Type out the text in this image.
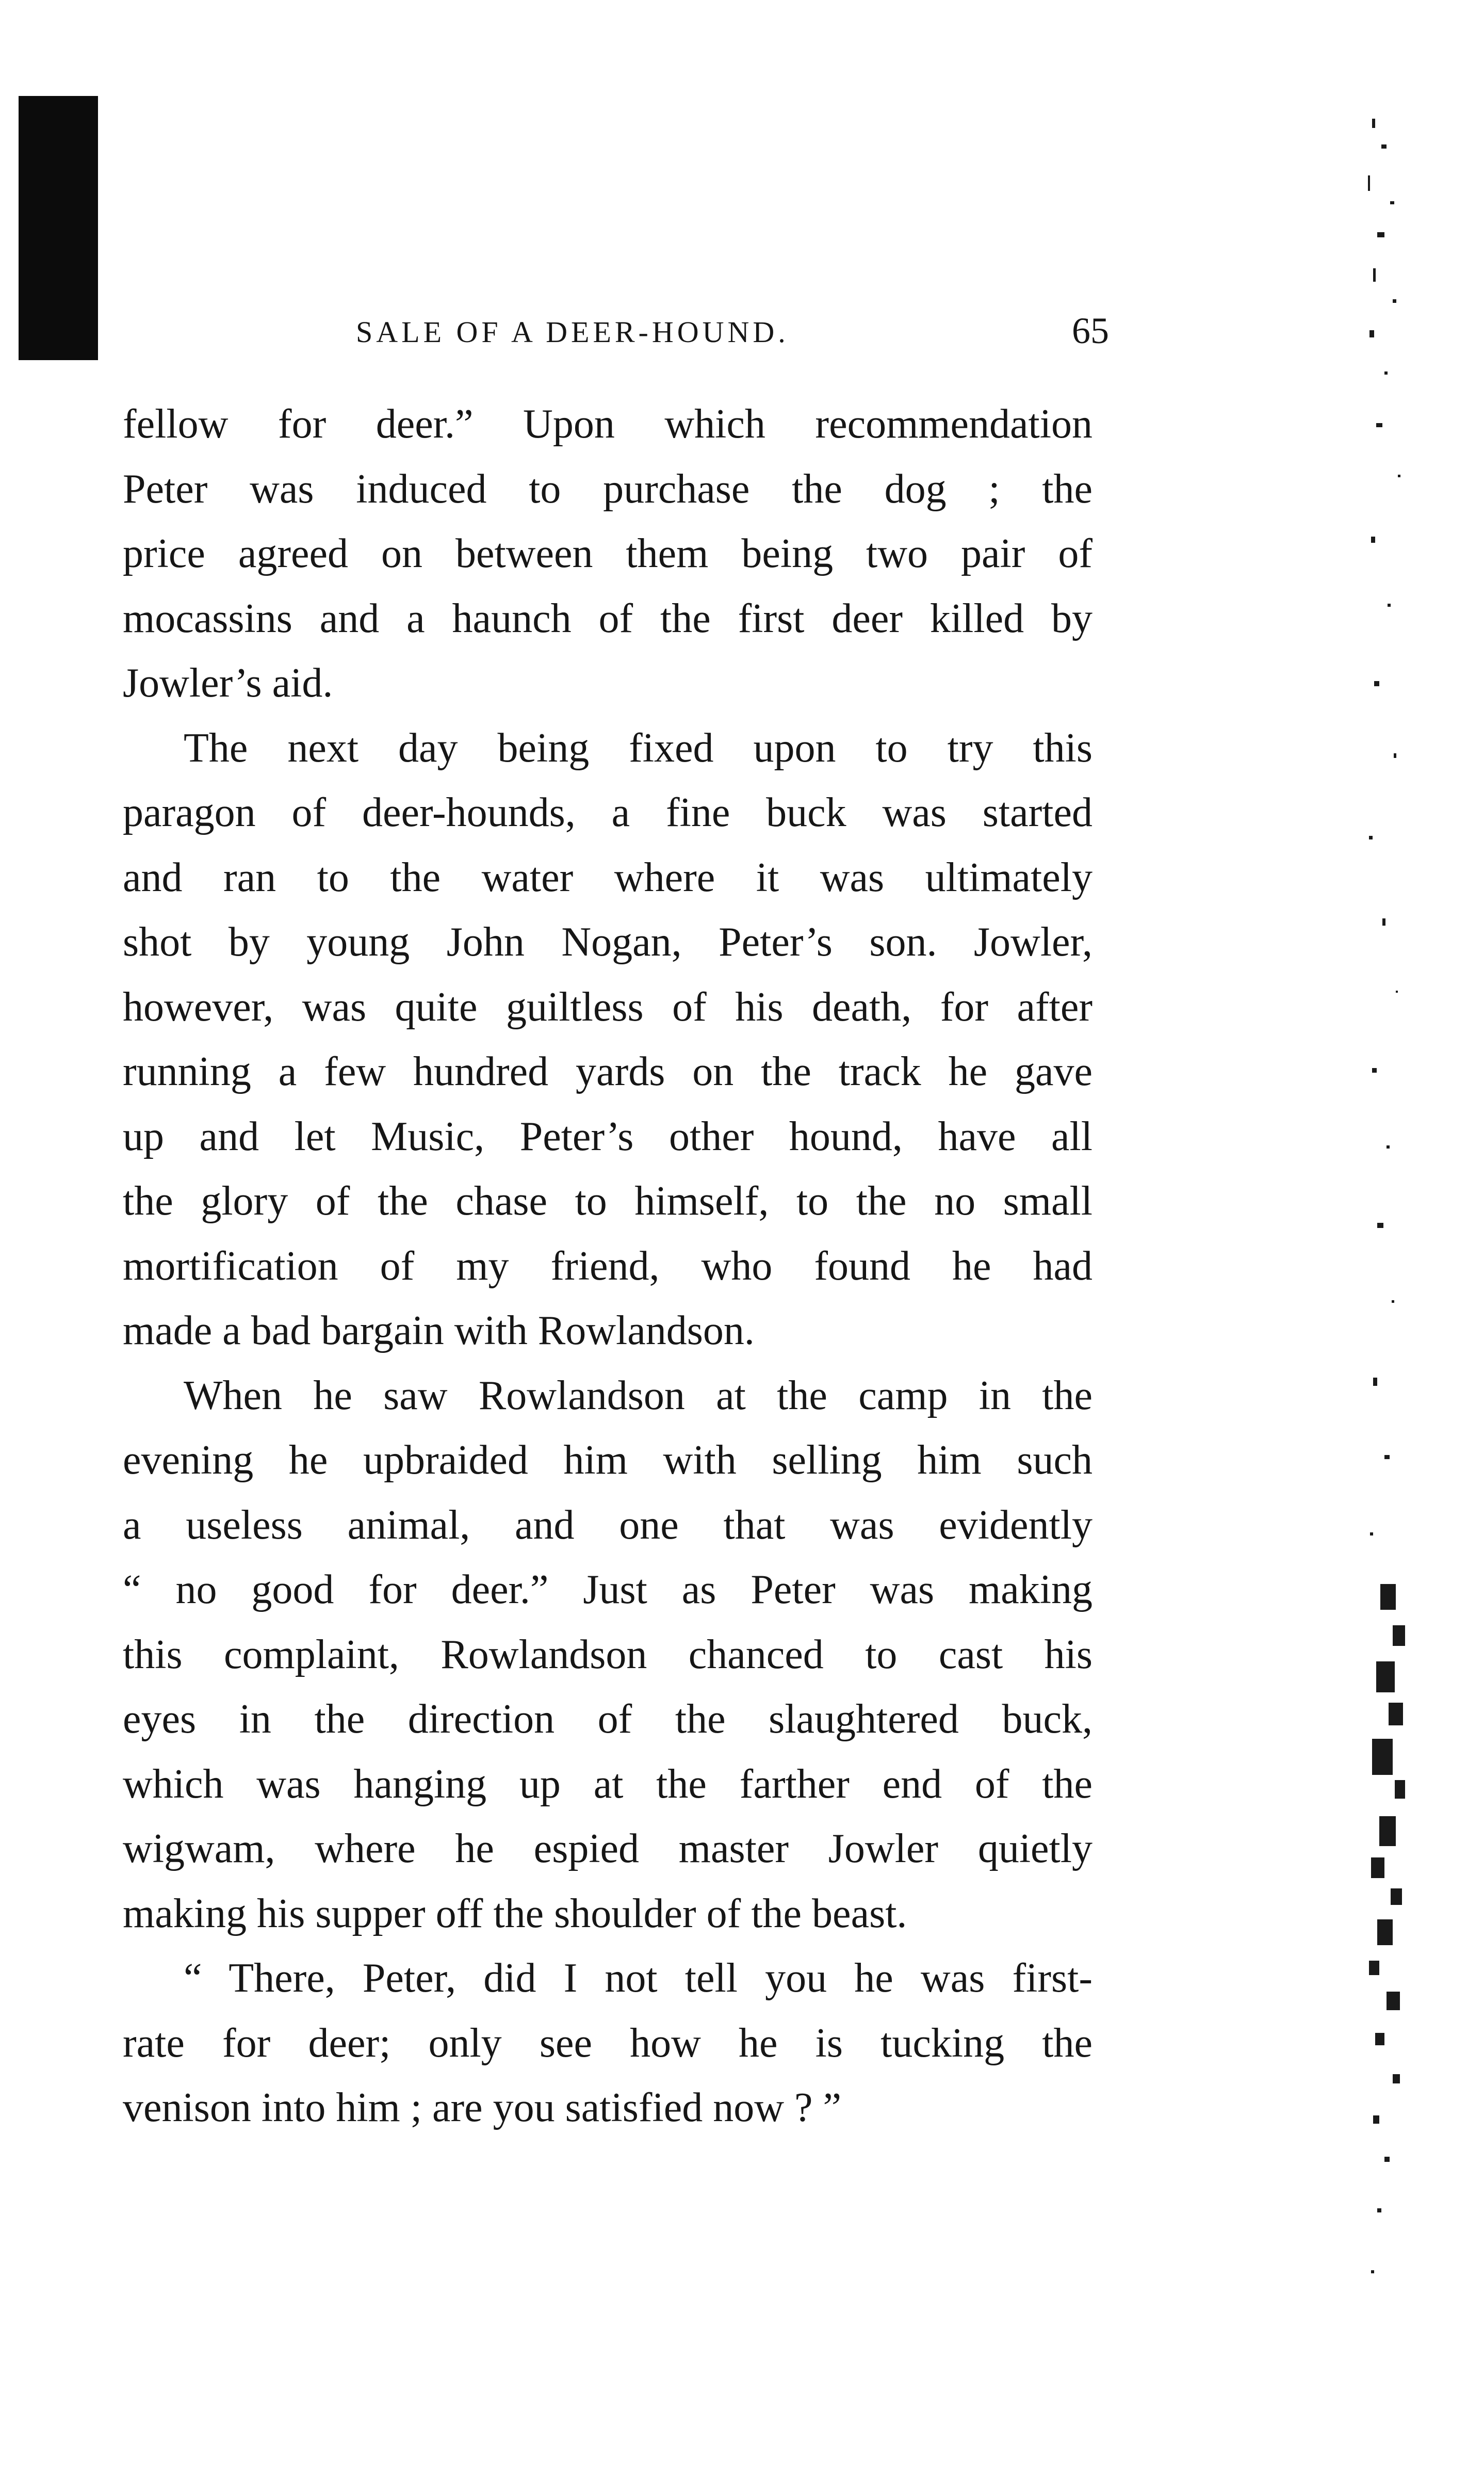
SALE OF A DEER-HOUND.	65
fellow for deer.” Upon which recommendation
Peter was induced to purchase the dog ; the
price agreed on between them being two pair of
mocassins and a haunch of the first deer killed by
Jowler’s aid.
The next day being fixed upon to try this
paragon of deer-hounds, a fine buck was started
and ran to the water where it was ultimately
shot by young John Nogan, Peter’s son. Jowler,
however, was quite guiltless of his death, for after
running a few hundred yards on the track he gave
up and let Music, Peter’s other hound, have all
the glory of the chase to himself, to the no small
mortification of my friend, who found he had
made a bad bargain with Rowlandson.
When he saw Rowlandson at the camp in the
evening he upbraided him with selling him such
a useless animal, and one that was evidently
“ no good for deer.” Just as Peter was making
this complaint, Rowlandson chanced to cast his
eyes in the direction of the slaughtered buck,
which was hanging up at the farther end of the
wigwam, where he espied master Jowler quietly
making his supper off the shoulder of the beast.
“ There, Peter, did I not tell you he was first-
rate for deer; only see how he is tucking the
venison into him ; are you satisfied now ? ”
